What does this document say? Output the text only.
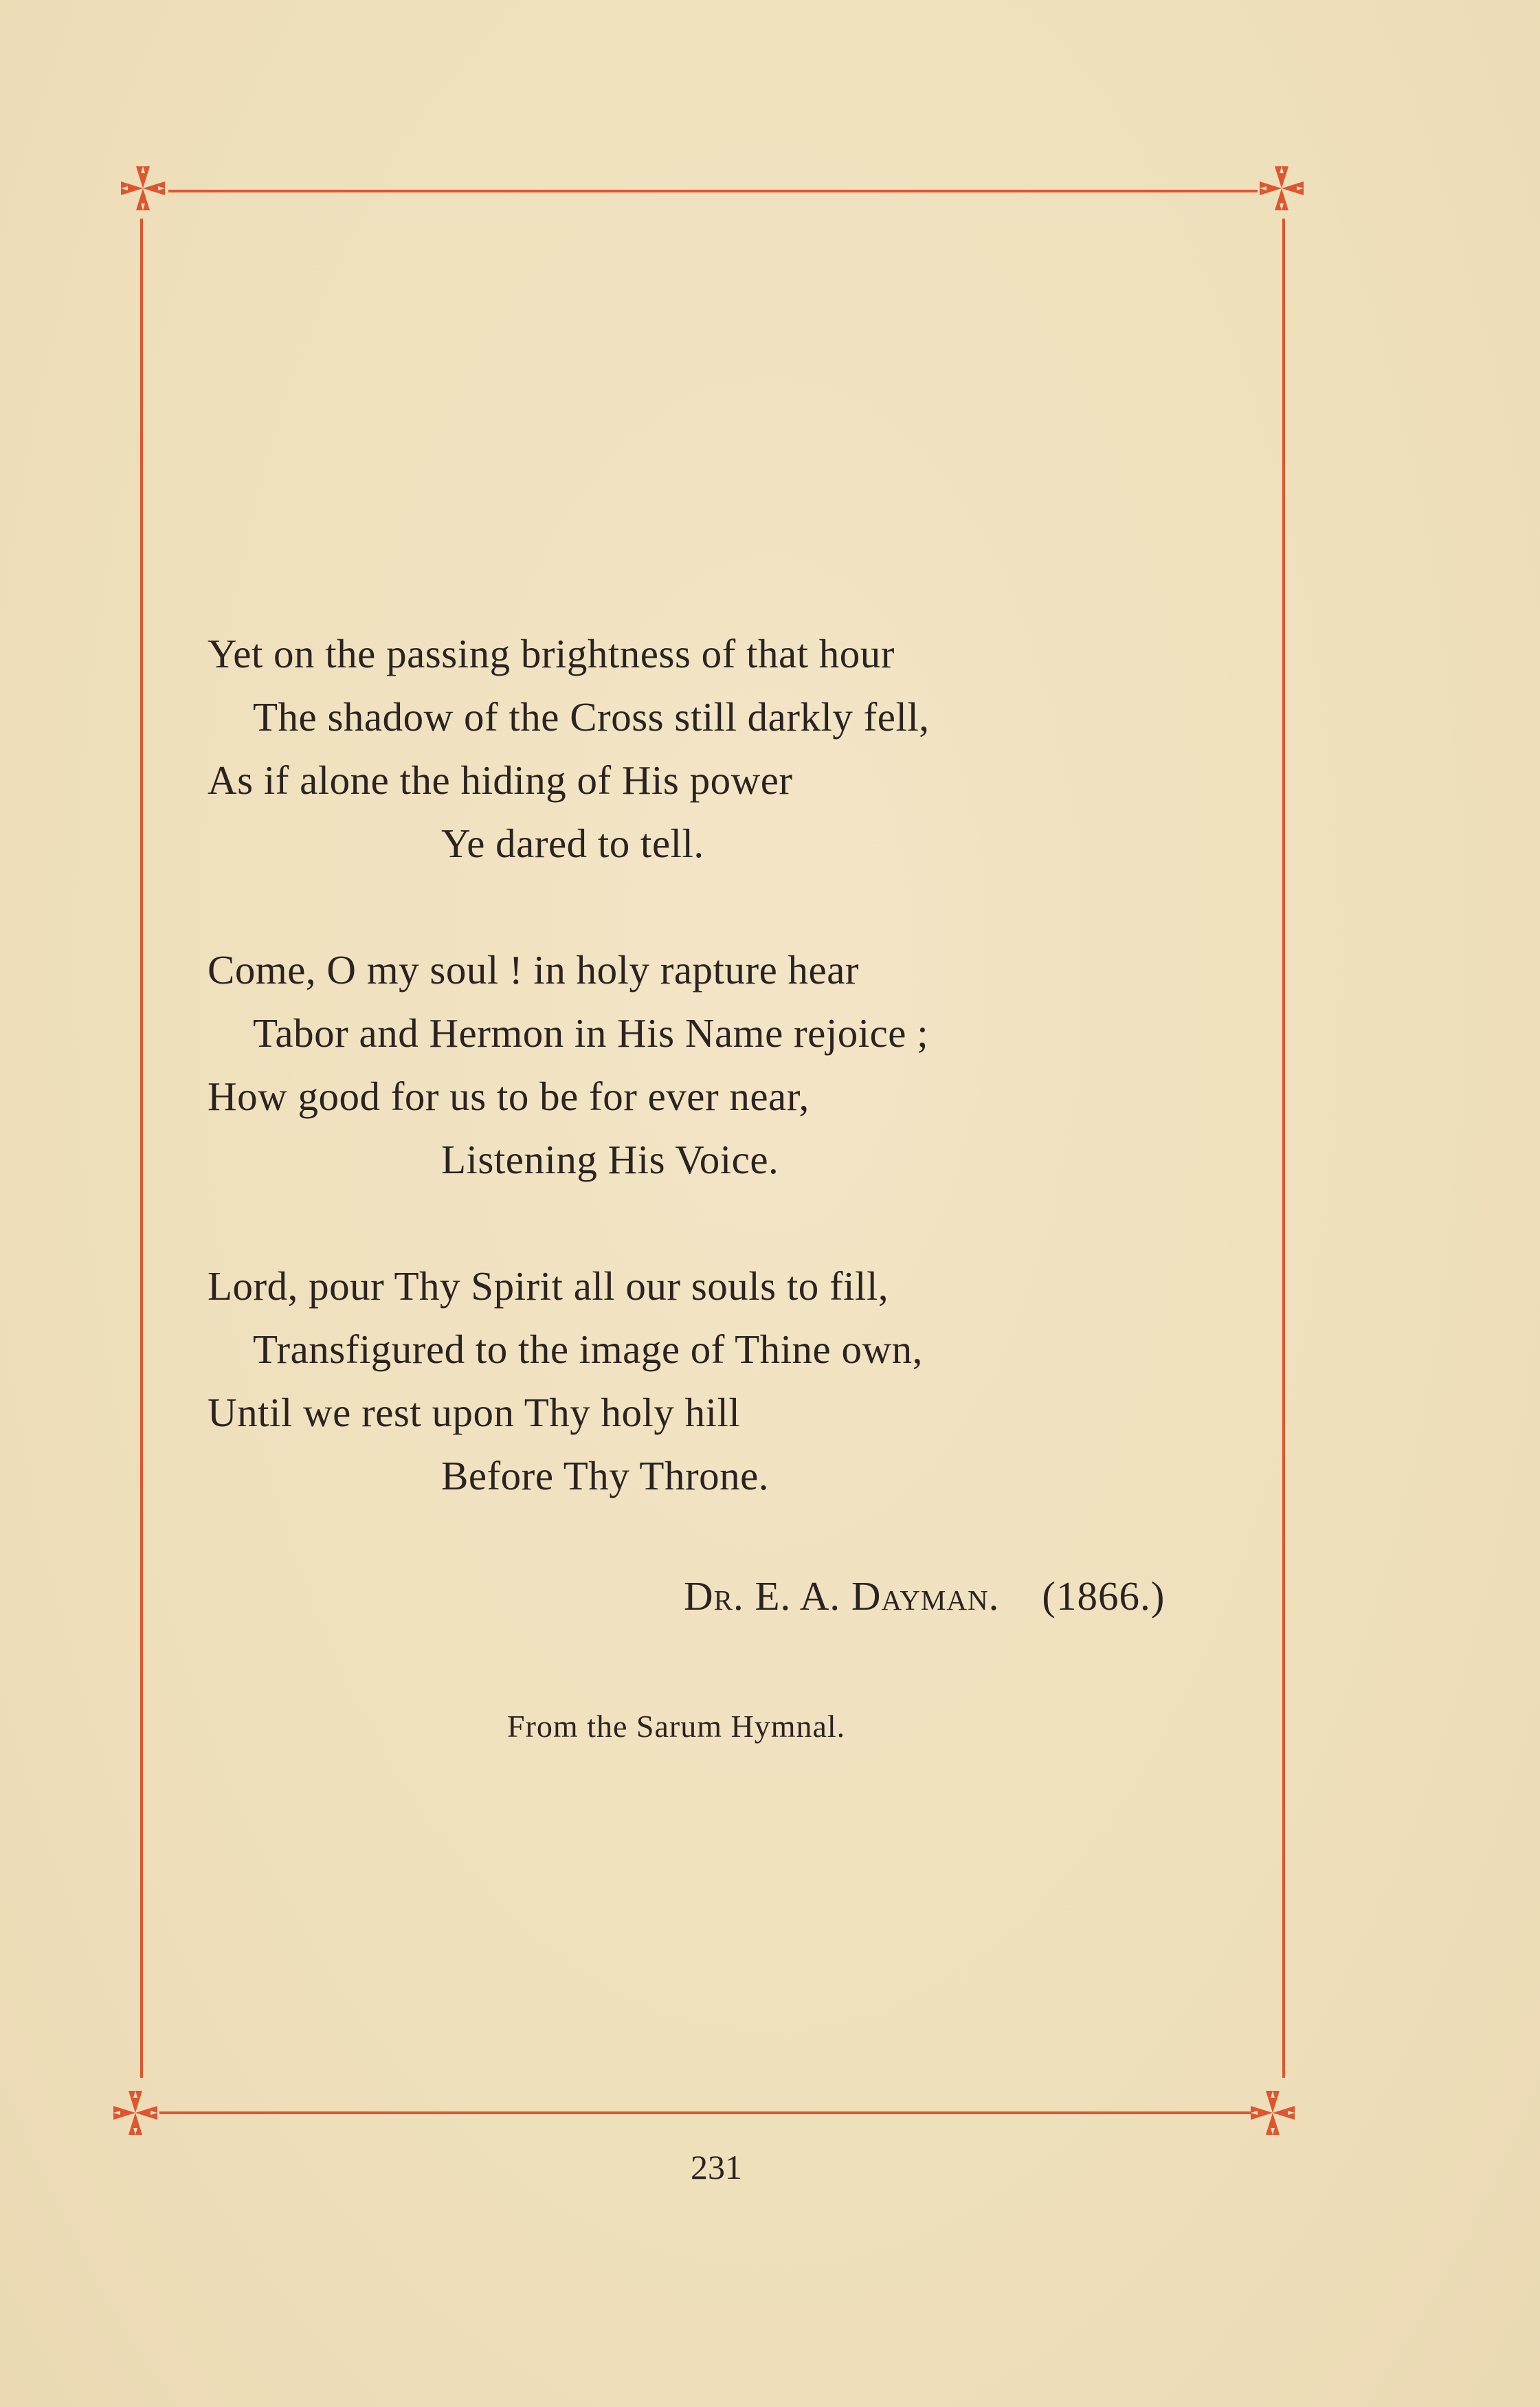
Yet on the passing brightness of that hour
The shadow of the Cross still darkly fell,
As if alone the hiding of His power
Ye dared to tell.
Come, O my soul ! in holy rapture hear
Tabor and Hermon in His Name rejoice ;
How good for us to be for ever near,
Listening His Voice.
Lord, pour Thy Spirit all our souls to fill,
Transfigured to the image of Thine own,
Until we rest upon Thy holy hill
Before Thy Throne.
Dr. E. A. Dayman. (1866.)
From the Sarum Hymnal.
231
